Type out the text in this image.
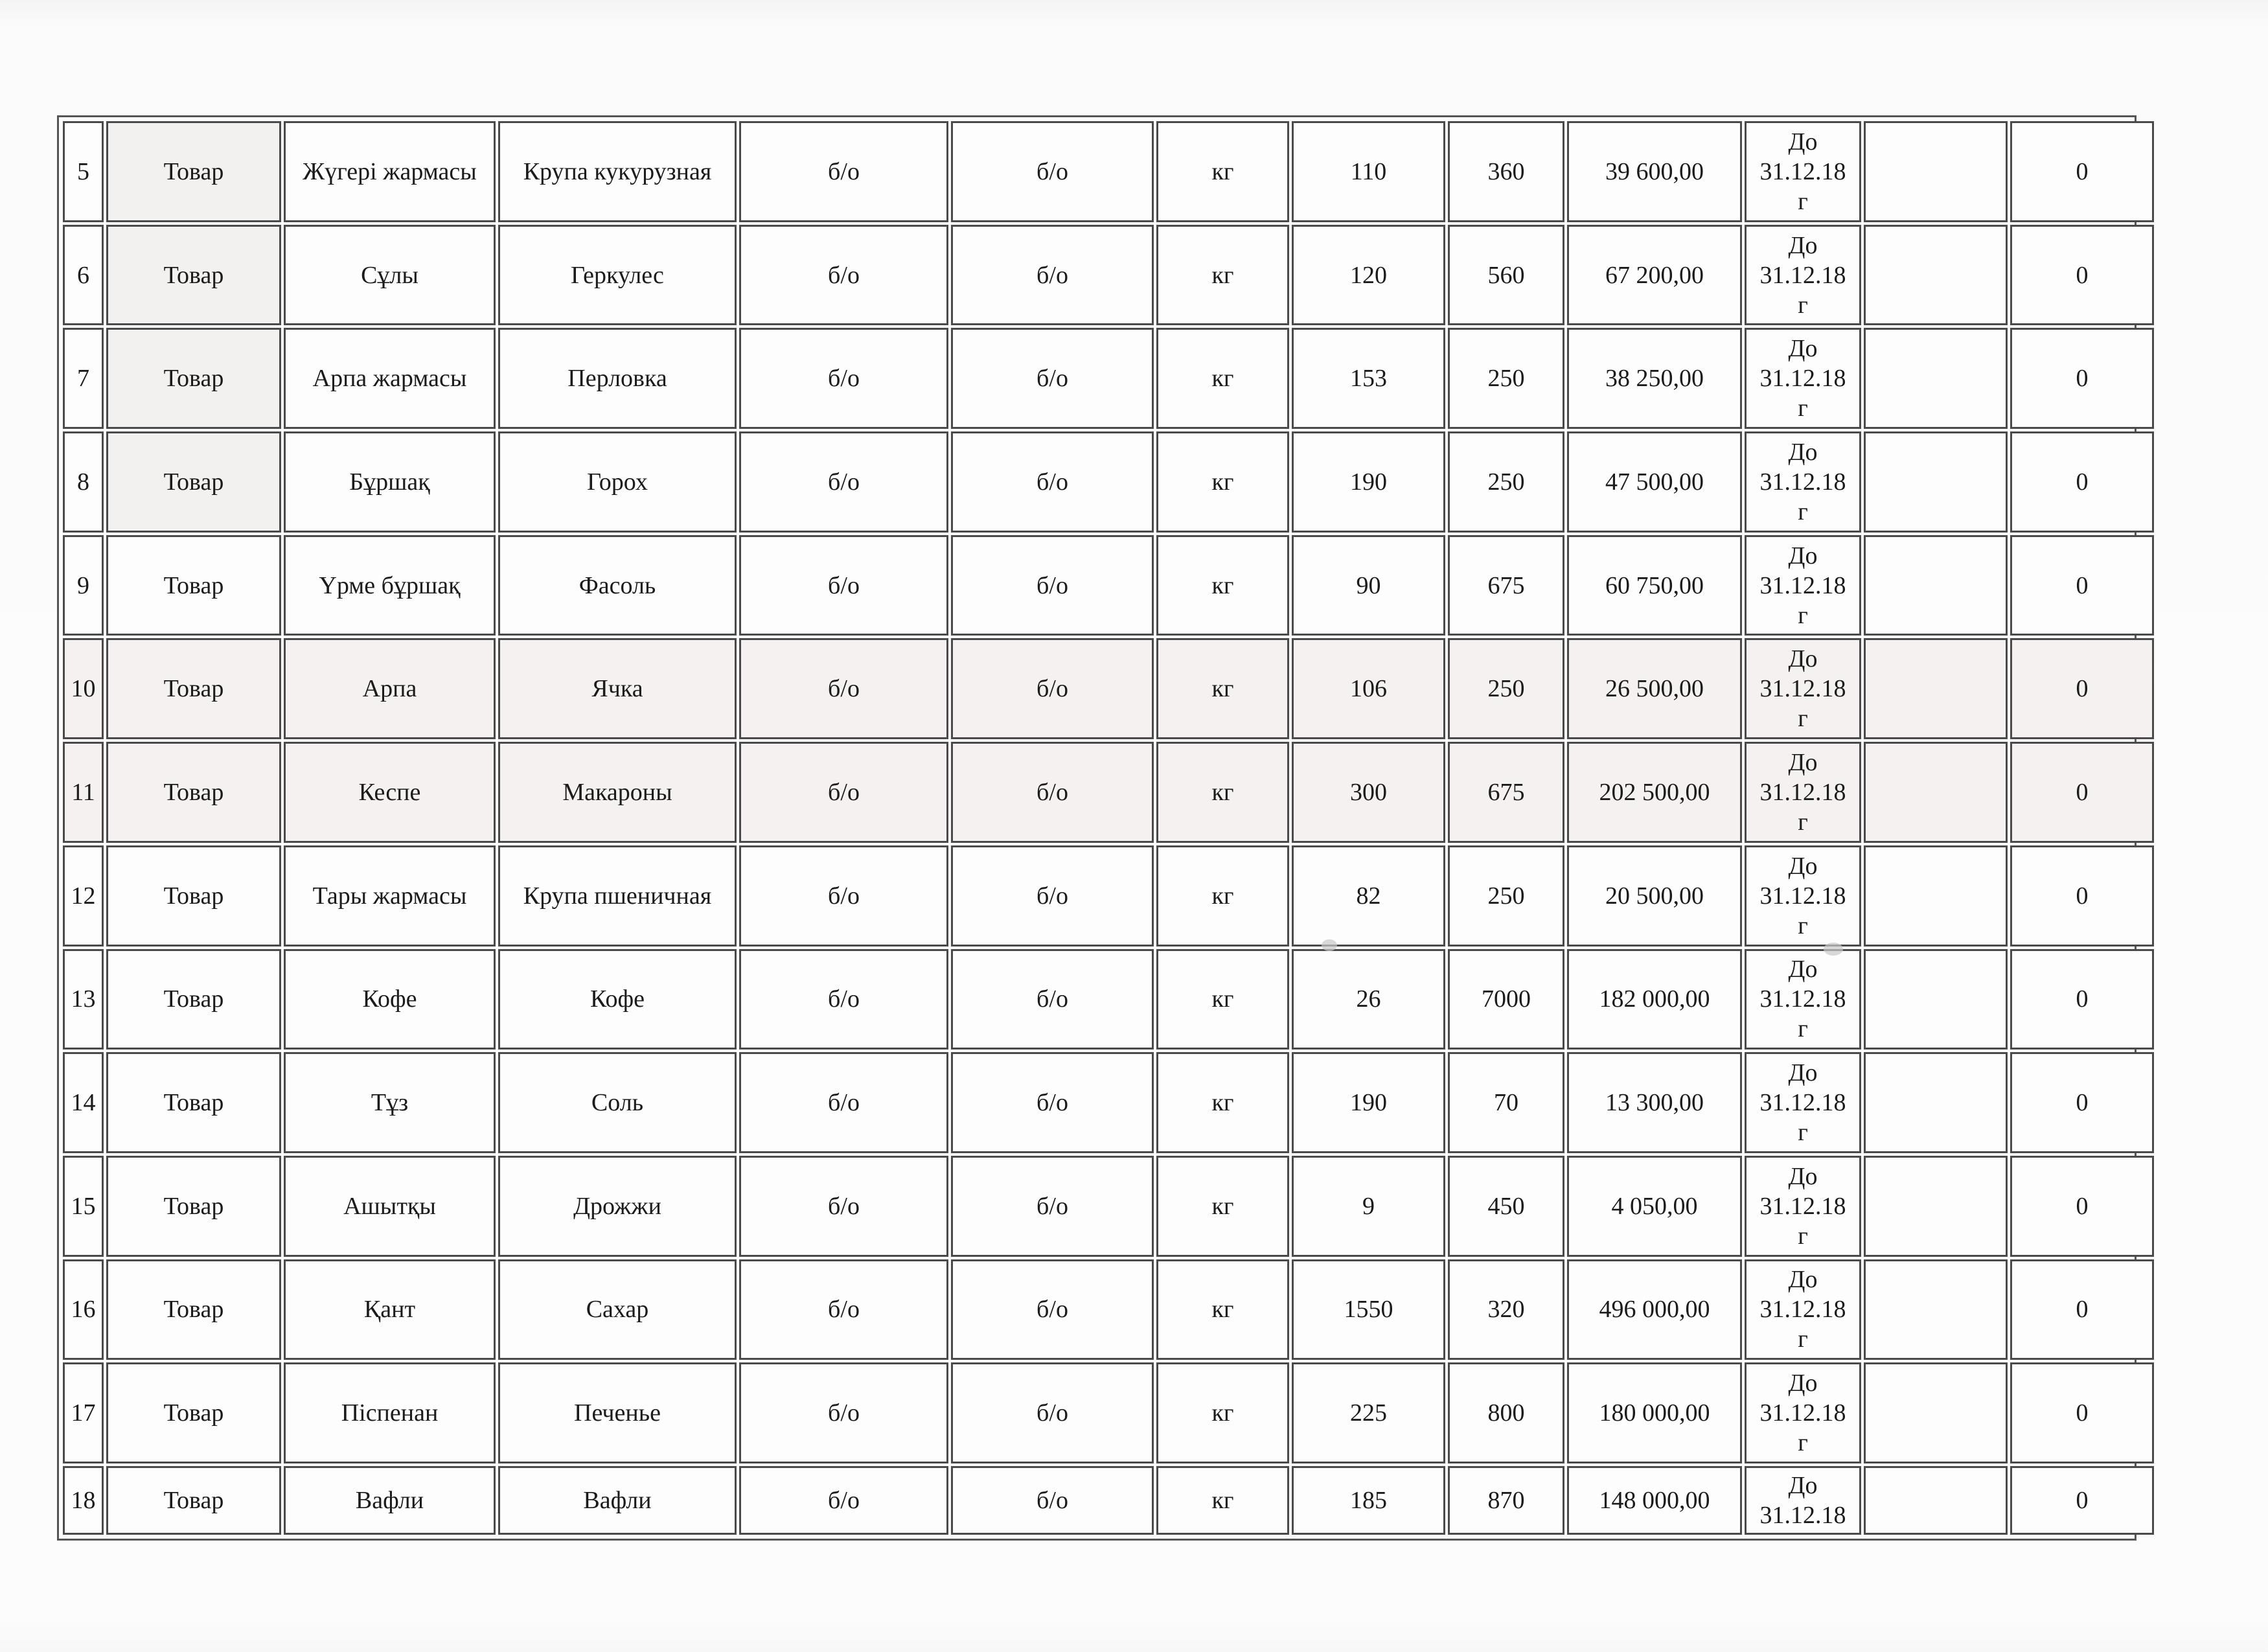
5	Товар	Жүгері жармасы	Крупа кукурузная	б/о	б/о	кг	110	360	39 600,00	До
31.12.18
г		0
6	Товар	Сұлы	Геркулес	б/о	б/о	кг	120	560	67 200,00	До
31.12.18
г		0
7	Товар	Арпа жармасы	Перловка	б/о	б/о	кг	153	250	38 250,00	До
31.12.18
г		0
8	Товар	Бұршақ	Горох	б/о	б/о	кг	190	250	47 500,00	До
31.12.18
г		0
9	Товар	Үрме бұршақ	Фасоль	б/о	б/о	кг	90	675	60 750,00	До
31.12.18
г		0
10	Товар	Арпа	Ячка	б/о	б/о	кг	106	250	26 500,00	До
31.12.18
г		0
11	Товар	Кеспе	Макароны	б/о	б/о	кг	300	675	202 500,00	До
31.12.18
г		0
12	Товар	Тары жармасы	Крупа пшеничная	б/о	б/о	кг	82	250	20 500,00	До
31.12.18
г		0
13	Товар	Кофе	Кофе	б/о	б/о	кг	26	7000	182 000,00	До
31.12.18
г		0
14	Товар	Тұз	Соль	б/о	б/о	кг	190	70	13 300,00	До
31.12.18
г		0
15	Товар	Ашытқы	Дрожжи	б/о	б/о	кг	9	450	4 050,00	До
31.12.18
г		0
16	Товар	Қант	Сахар	б/о	б/о	кг	1550	320	496 000,00	До
31.12.18
г		0
17	Товар	Піспенан	Печенье	б/о	б/о	кг	225	800	180 000,00	До
31.12.18
г		0
18	Товар	Вафли	Вафли	б/о	б/о	кг	185	870	148 000,00	До
31.12.18		0
